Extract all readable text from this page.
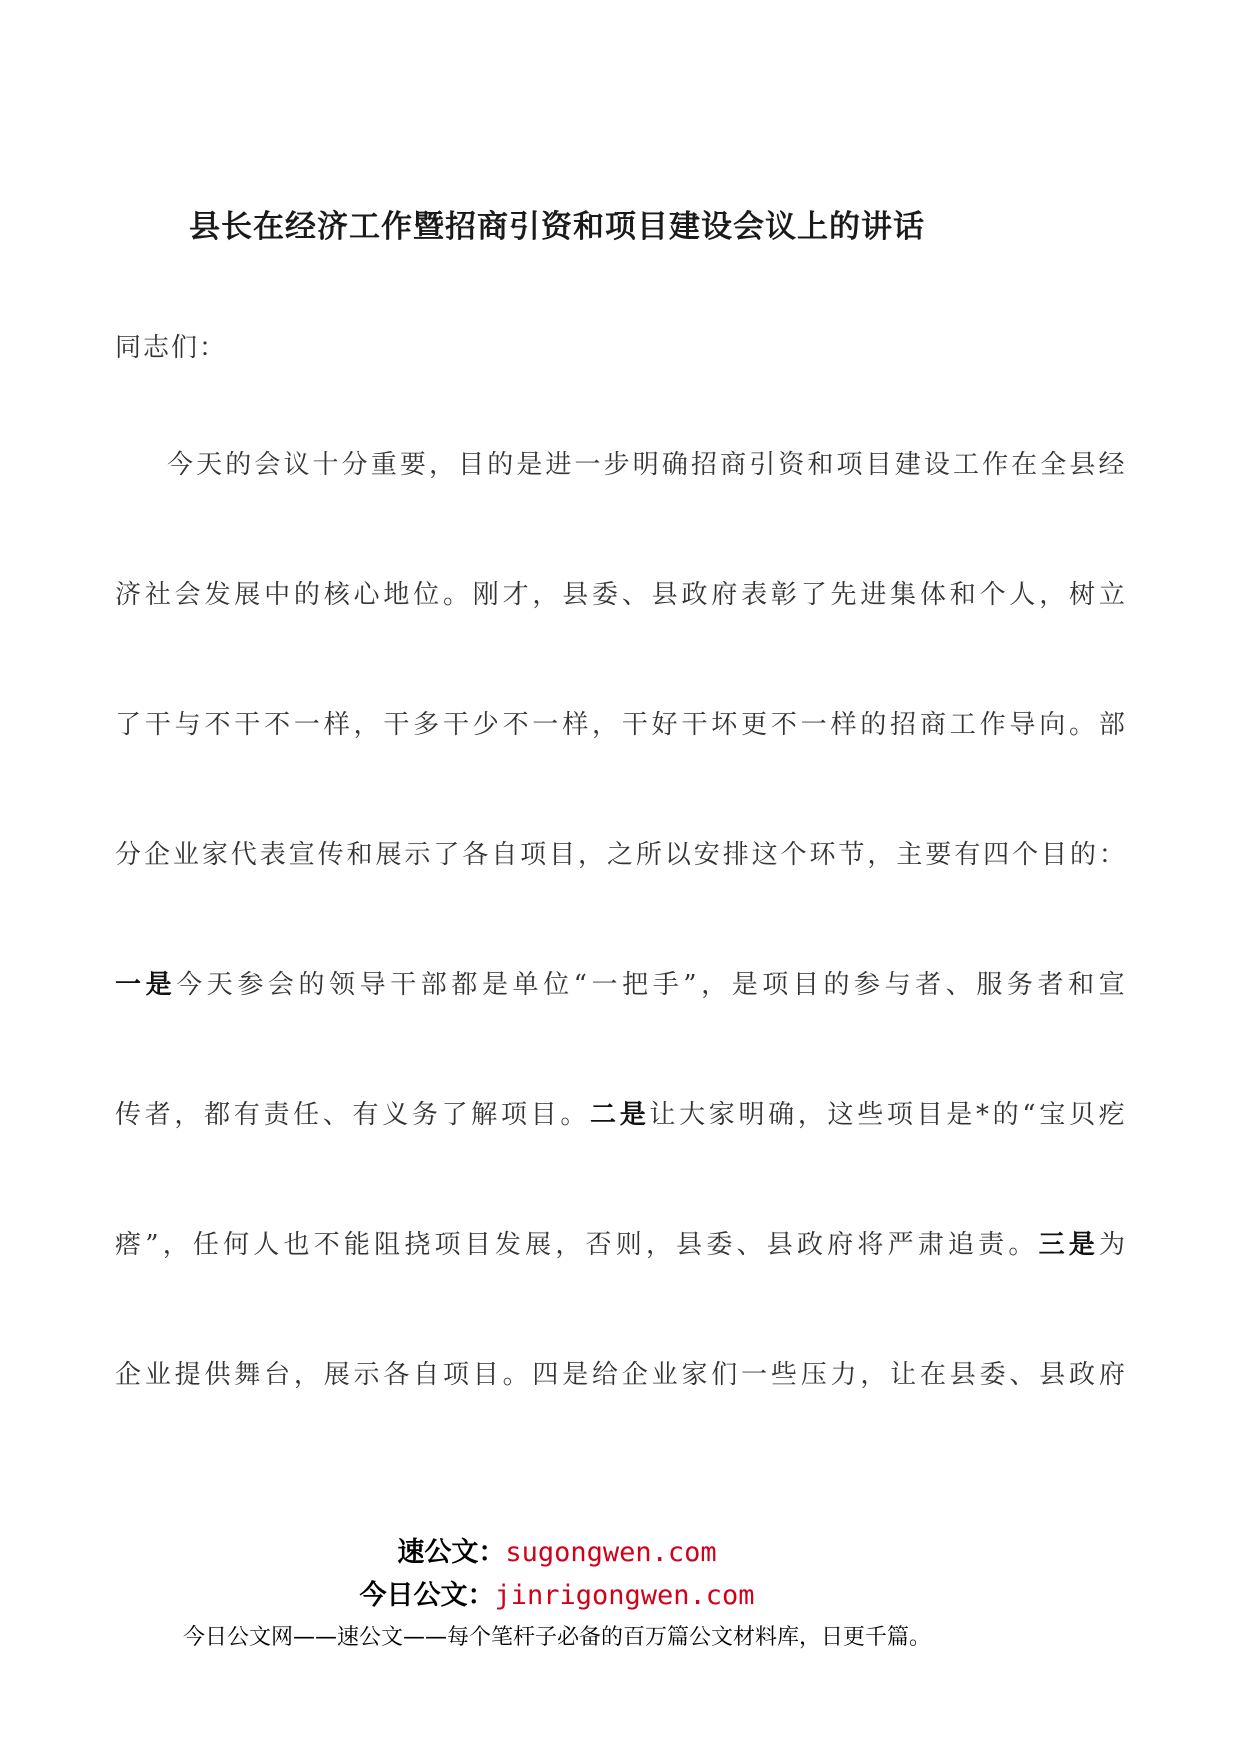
县长在经济工作暨招商引资和项目建设会议上的讲话
同志们：
今 天 的 会 议 十 分 重 要 ， 目 的 是 进 一 步 明 确 招 商 引 资 和 项 目 建 设 工 作 在 全 县 经
济 社 会 发 展 中 的 核 心 地 位 。 刚 才 ， 县 委 、 县 政 府 表 彰 了 先 进 集 体 和 个 人 ， 树 立
了 干 与 不 干 不 一 样 ， 干 多 干 少 不 一 样 ， 干 好 干 坏 更 不 一 样 的 招 商 工 作 导 向 。 部
分 企 业 家 代 表 宣 传 和 展 示 了 各 自 项 目 ， 之 所 以 安 排 这 个 环 节 ， 主 要 有 四 个 目 的 ：
一 是 今 天 参 会 的 领 导 干 部 都 是 单 位 “ 一 把 手 ” ， 是 项 目 的 参 与 者 、 服 务 者 和 宣
传 者 ， 都 有 责 任 、 有 义 务 了 解 项 目 。 二 是 让 大 家 明 确 ， 这 些 项 目 是 * 的 “ 宝 贝 疙
瘩 ” ， 任 何 人 也 不 能 阻 挠 项 目 发 展 ， 否 则 ， 县 委 、 县 政 府 将 严 肃 追 责 。 三 是 为
企 业 提 供 舞 台 ， 展 示 各 自 项 目 。 四 是 给 企 业 家 们 一 些 压 力 ， 让 在 县 委 、 县 政 府
速公文：sugongwen.com
今日公文：jinrigongwen.com
今日公文网——速公文——每个笔杆子必备的百万篇公文材料库，日更千篇。
